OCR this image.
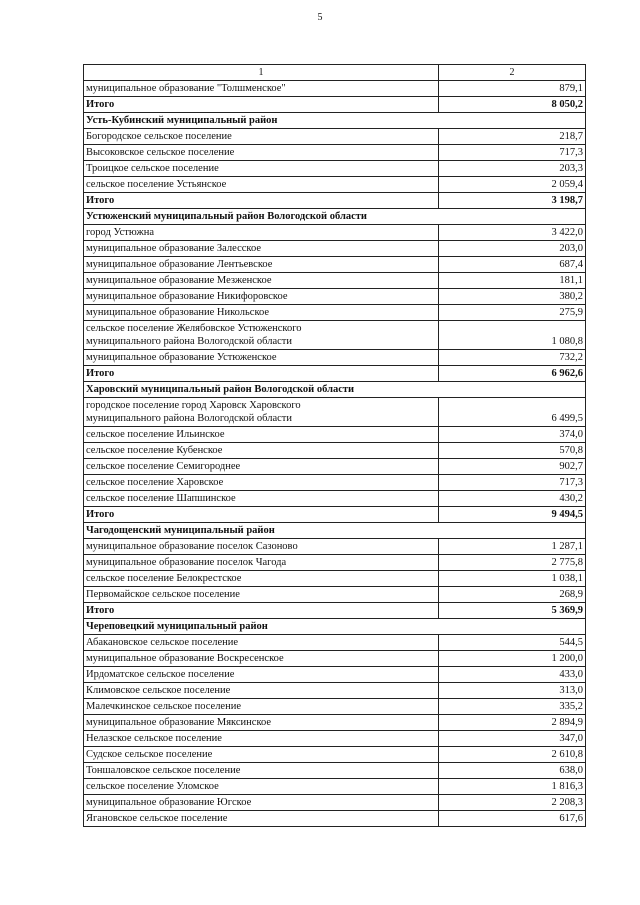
5
1	2
муниципальное образование "Толшменское"	879,1
Итого	8 050,2
Усть-Кубинский муниципальный район	
Богородское сельское поселение	218,7
Высоковское сельское поселение	717,3
Троицкое сельское поселение	203,3
сельское поселение Устьянское	2 059,4
Итого	3 198,7
Устюженский муниципальный район Вологодской области	
город Устюжна	3 422,0
муниципальное образование Залесское	203,0
муниципальное образование Лентьевское	687,4
муниципальное образование Мезженское	181,1
муниципальное образование Никифоровское	380,2
муниципальное образование Никольское	275,9
сельское поселение Желябовское Устюженского
муниципального района Вологодской области	1 080,8
муниципальное образование Устюженское	732,2
Итого	6 962,6
Харовский муниципальный район Вологодской области	
городское поселение город Харовск Харовского
муниципального района Вологодской области	6 499,5
сельское поселение Ильинское	374,0
сельское поселение Кубенское	570,8
сельское поселение Семигороднее	902,7
сельское поселение Харовское	717,3
сельское поселение Шапшинское	430,2
Итого	9 494,5
Чагодощенский муниципальный район	
муниципальное образование поселок Сазоново	1 287,1
муниципальное образование поселок Чагода	2 775,8
сельское поселение Белокрестское	1 038,1
Первомайское сельское поселение	268,9
Итого	5 369,9
Череповецкий муниципальный район	
Абакановское сельское поселение	544,5
муниципальное образование Воскресенское	1 200,0
Ирдоматское сельское поселение	433,0
Климовское сельское поселение	313,0
Малечкинское сельское поселение	335,2
муниципальное образование Мяксинское	2 894,9
Нелазское сельское поселение	347,0
Судское сельское поселение	2 610,8
Тоншаловское сельское поселение	638,0
сельское поселение Уломское	1 816,3
муниципальное образование Югское	2 208,3
Ягановское сельское поселение	617,6
